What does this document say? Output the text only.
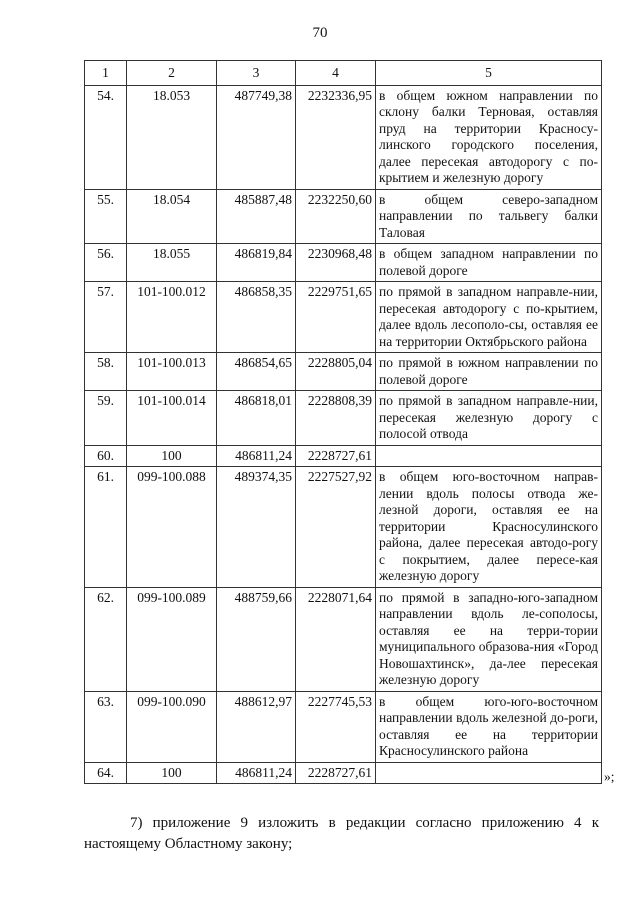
70
1	2	3	4	5
54.	18.053	487749,38	2232336,95	в общем южном направлении по склону балки Терновая, оставляя пруд на территории Красносу-линского городского поселения, далее пересекая автодорогу с по-крытием и железную дорогу
55.	18.054	485887,48	2232250,60	в общем северо-западном направлении по тальвегу балки Таловая
56.	18.055	486819,84	2230968,48	в общем западном направлении по полевой дороге
57.	101-100.012	486858,35	2229751,65	по прямой в западном направле-нии, пересекая автодорогу с по-крытием, далее вдоль лесополо-сы, оставляя ее на территории Октябрьского района
58.	101-100.013	486854,65	2228805,04	по прямой в южном направлении по полевой дороге
59.	101-100.014	486818,01	2228808,39	по прямой в западном направле-нии, пересекая железную дорогу с полосой отвода
60.	100	486811,24	2228727,61	
61.	099-100.088	489374,35	2227527,92	в общем юго-восточном направ-лении вдоль полосы отвода же-лезной дороги, оставляя ее на территории Красносулинского района, далее пересекая автодо-рогу с покрытием, далее пересе-кая железную дорогу
62.	099-100.089	488759,66	2228071,64	по прямой в западно-юго-западном направлении вдоль ле-сополосы, оставляя ее на терри-тории муниципального образова-ния «Город Новошахтинск», да-лее пересекая железную дорогу
63.	099-100.090	488612,97	2227745,53	в общем юго-юго-восточном направлении вдоль железной до-роги, оставляя ее на территории Красносулинского района
64.	100	486811,24	2228727,61		»;

7) приложение 9 изложить в редакции согласно приложению 4 к настоящему Областному закону;
